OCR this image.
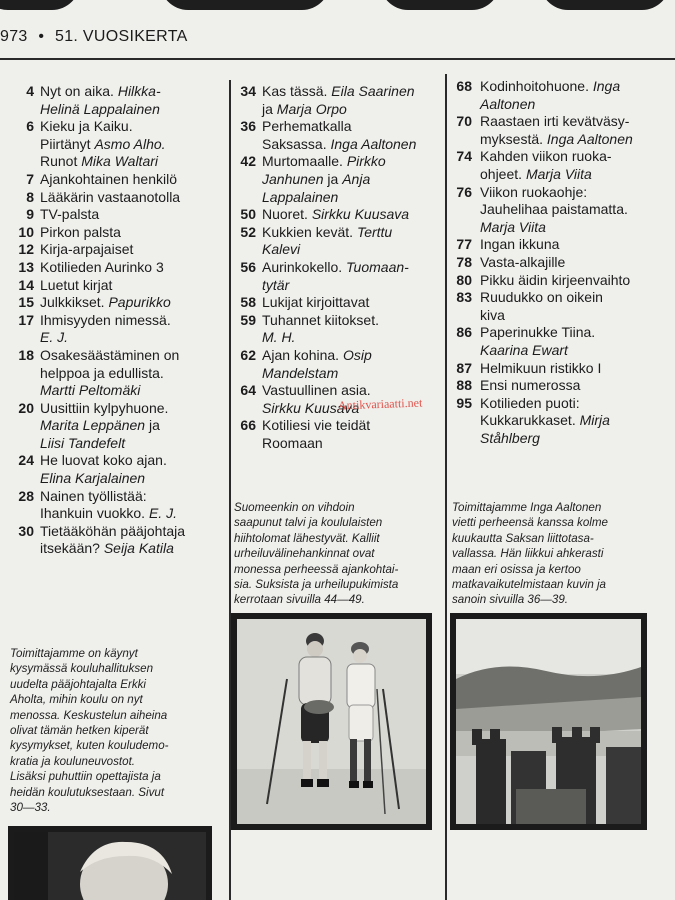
973 • 51. VUOSIKERTA
4 Nyt on aika. Hilkka-
Helinä Lappalainen
6 Kieku ja Kaiku.
Piirtänyt Asmo Alho.
Runot Mika Waltari
7 Ajankohtainen henkilö
8 Lääkärin vastaanotolla
9 TV-palsta
10 Pirkon palsta
12 Kirja-arpajaiset
13 Kotilieden Aurinko 3
14 Luetut kirjat
15 Julkkikset. Papurikko
17 Ihmisyyden nimessä.
E. J.
18 Osakesäästäminen on
helppoa ja edullista.
Martti Peltomäki
20 Uusittiin kylpyhuone.
Marita Leppänen ja
Liisi Tandefelt
24 He luovat koko ajan.
Elina Karjalainen
28 Nainen työllistää:
Ihankuin vuokko. E. J.
30 Tietääköhän pääjohtaja
itsekään? Seija Katila
34 Kas tässä. Eila Saarinen
ja Marja Orpo
36 Perhematkalla
Saksassa. Inga Aaltonen
42 Murtomaalle. Pirkko
Janhunen ja Anja
Lappalainen
50 Nuoret. Sirkku Kuusava
52 Kukkien kevät. Terttu
Kalevi
56 Aurinkokello. Tuomaan-
tytär
58 Lukijat kirjoittavat
59 Tuhannet kiitokset.
M. H.
62 Ajan kohina. Osip
Mandelstam
64 Vastuullinen asia.
Sirkku Kuusava
66 Kotiliesi vie teidät
Roomaan
68 Kodinhoitohuone. Inga
Aaltonen
70 Raastaen irti kevätväsy-
myksestä. Inga Aaltonen
74 Kahden viikon ruoka-
ohjeet. Marja Viita
76 Viikon ruokaohje:
Jauhelihaa paistamatta.
Marja Viita
77 Ingan ikkuna
78 Vasta-alkajille
80 Pikku äidin kirjeenvaihto
83 Ruudukko on oikein
kiva
86 Paperinukke Tiina.
Kaarina Ewart
87 Helmikuun ristikko I
88 Ensi numerossa
95 Kotilieden puoti:
Kukkarukkaset. Mirja
Ståhlberg
Antikvariaatti.net
Toimittajamme on käynyt
kysymässä kouluhallituksen
uudelta pääjohtajalta Erkki
Aholta, mihin koulu on nyt
menossa. Keskustelun aiheina
olivat tämän hetken kiperät
kysymykset, kuten kouludemo-
kratia ja kouluneuvostot.
Lisäksi puhuttiin opettajista ja
heidän koulutuksestaan. Sivut
30—33.
Suomeenkin on vihdoin
saapunut talvi ja koululaisten
hiihtolomat lähestyvät. Kalliit
urheiluvälinehankinnat ovat
monessa perheessä ajankohtai-
sia. Suksista ja urheilupukimista
kerrotaan sivuilla 44—49.
Toimittajamme Inga Aaltonen
vietti perheensä kanssa kolme
kuukautta Saksan liittotasa-
vallassa. Hän liikkui ahkerasti
maan eri osissa ja kertoo
matkavaikutelmistaan kuvin ja
sanoin sivuilla 36—39.
